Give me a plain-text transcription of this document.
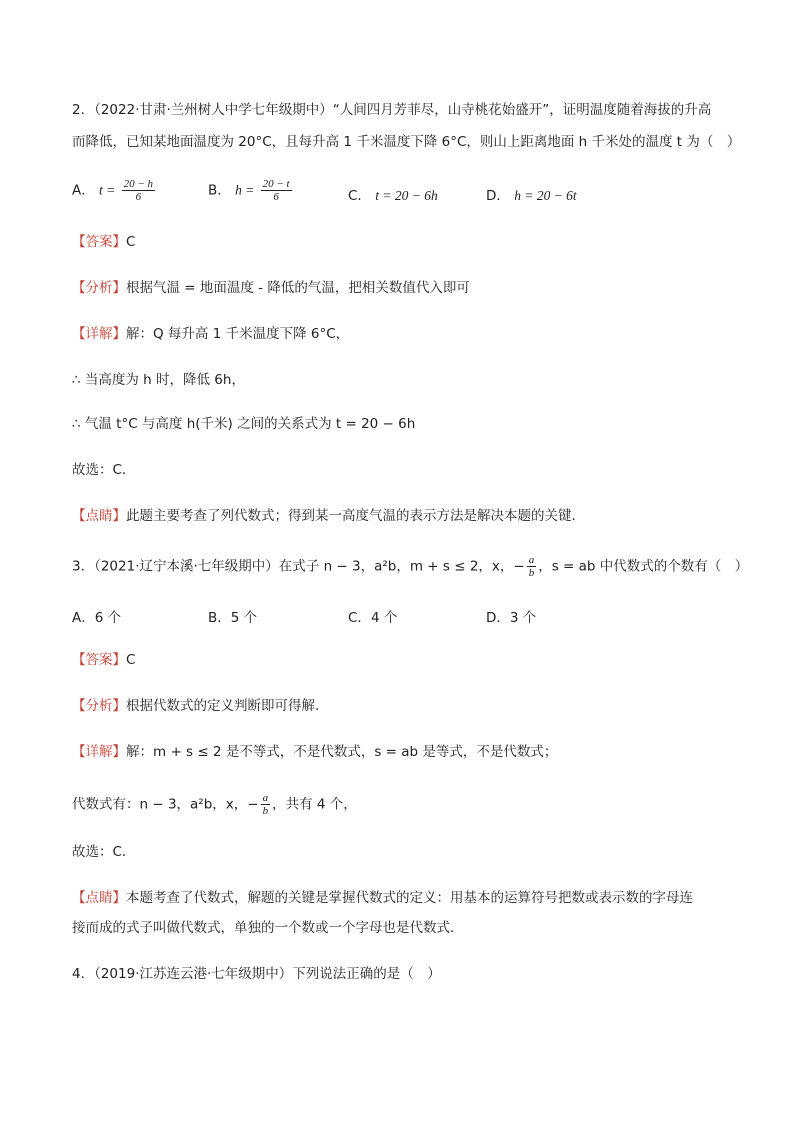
2．（2022·甘肃·兰州树人中学七年级期中）“人间四月芳菲尽，山寺桃花始盛开”，证明温度随着海拔的升高
而降低，已知某地面温度为 20°C，且每升高 1 千米温度下降 6°C，则山上距离地面 h 千米处的温度 t 为（　）
A． $t = \frac{20 - h}{6}$	B． $h = \frac{20 - t}{6}$	C． t = 20 − 6h	D． h = 20 − 6t
【答案】C
【分析】根据气温 = 地面温度 - 降低的气温，把相关数值代入即可
【详解】解：Q 每升高 1 千米温度下降 6°C，
∴ 当高度为 h 时，降低 6h，
∴ 气温 t°C 与高度 h(千米) 之间的关系式为 t = 20 − 6h
故选：C．
【点睛】此题主要考查了列代数式；得到某一高度气温的表示方法是解决本题的关键．
3．（2021·辽宁本溪·七年级期中）在式子 n − 3，a²b，m + s ≤ 2，x，− $\frac{a}{b}$ ，s = ab 中代数式的个数有（　）
A．6 个	B．5 个	C．4 个	D．3 个
【答案】C
【分析】根据代数式的定义判断即可得解．
【详解】解：m + s ≤ 2 是不等式，不是代数式，s = ab 是等式，不是代数式；
代数式有：n − 3，a²b，x，− $\frac{a}{b}$ ，共有 4 个，
故选：C．
【点睛】本题考查了代数式，解题的关键是掌握代数式的定义：用基本的运算符号把数或表示数的字母连
接而成的式子叫做代数式，单独的一个数或一个字母也是代数式．
4．（2019·江苏连云港·七年级期中）下列说法正确的是（　）
